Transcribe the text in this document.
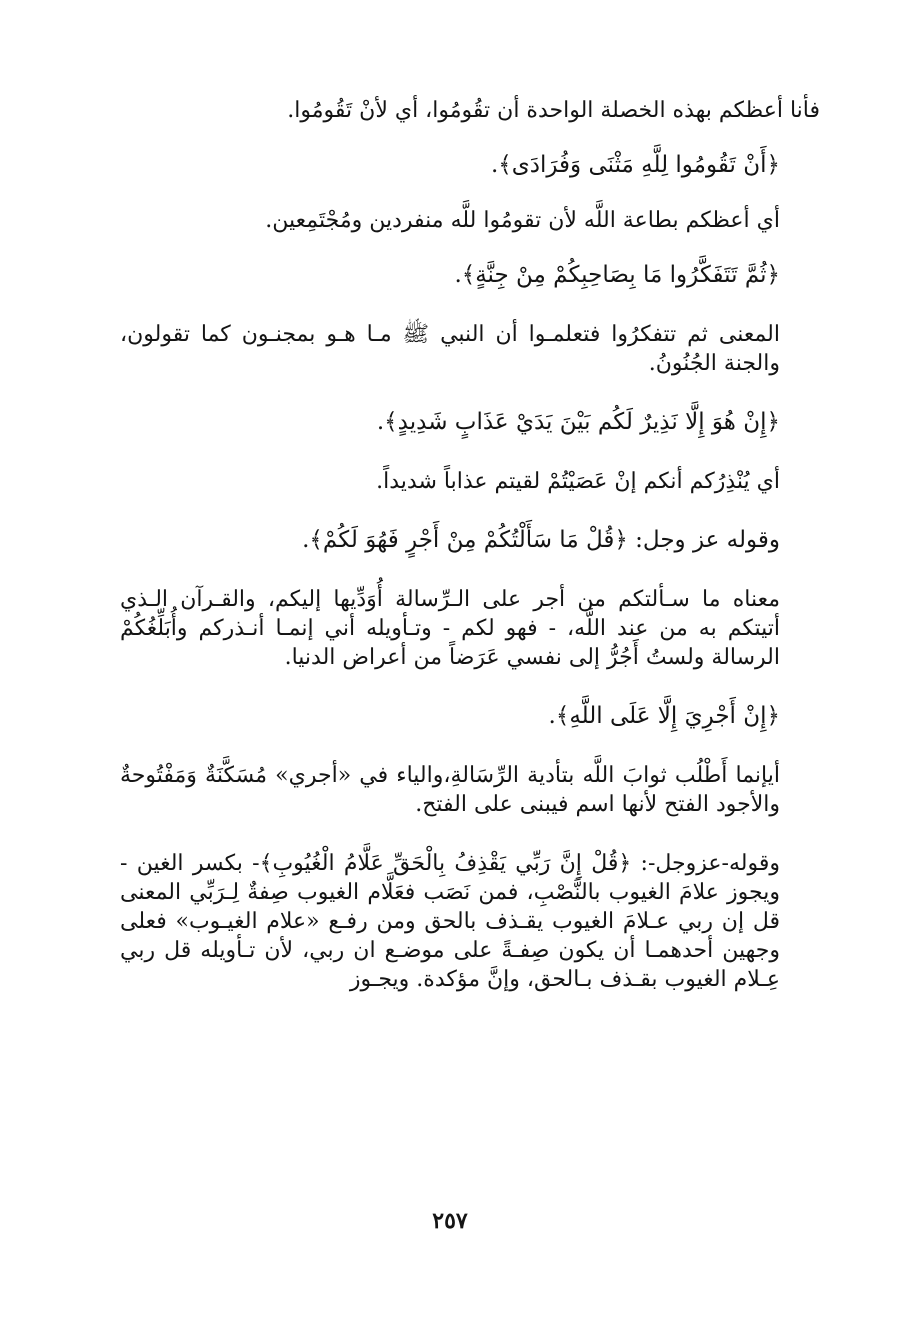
فأنا أعظكم بهذه الخصلة الواحدة أن تقُومُوا، أي لأنْ تَقُومُوا.

﴿أَنْ تَقُومُوا لِلَّهِ مَثْنَى وَفُرَادَى﴾.

أي أعظكم بطاعة اللَّه لأن تقومُوا للَّه منفردين ومُجْتَمِعين.

﴿ثُمَّ تَتَفَكَّرُوا مَا بِصَاحِبِكُمْ مِنْ جِنَّةٍ﴾.

المعنى ثم تتفكرُوا فتعلمـوا أن النبي ﷺ مـا هـو بمجنـون كما تقولون، والجنة الجُنُونُ.

﴿إِنْ هُوَ إِلَّا نَذِيرٌ لَكُم بَيْنَ يَدَيْ عَذَابٍ شَدِيدٍ﴾.

أي يُنْذِرُكم أنكم إنْ عَصَيْتُمْ لقيتم عذاباً شديداً.

وقوله عز وجل: ﴿قُلْ مَا سَأَلْتُكُمْ مِنْ أَجْرٍ فَهُوَ لَكُمْ﴾.

معناه ما سـألتكم من أجر على الـرِّسالة أُوَدِّيها إليكم، والقـرآن الـذي أتيتكم به من عند اللَّه، - فهو لكم - وتـأويله أني إنمـا أنـذركم وأُبَلِّغُكُمْ الرسالة ولستُ أَجُرُّ إلى نفسي عَرَضاً من أعراض الدنيا.

﴿إِنْ أَجْرِيَ إِلَّا عَلَى اللَّهِ﴾.

أيإنما أَطْلُب ثوابَ اللَّه بتأدية الرِّسَالةِ،والياء في «أجري» مُسَكَّنَةٌ وَمَفْتُوحةٌ والأجود الفتح لأنها اسم فيبنى على الفتح.

وقوله-عزوجل-: ﴿قُلْ إِنَّ رَبِّي يَقْذِفُ بِالْحَقِّ عَلَّامُ الْغُيُوبِ﴾- بكسر الغين - ويجوز علامَ الغيوب بالنَّصْبِ، فمن نَصَب فعَلَّام الغيوب صِفةٌ لِـرَبِّي المعنى قل إن ربي عـلامَ الغيوب يقـذف بالحق ومن رفـع «علام الغيـوب» فعلى وجهين أحدهمـا أن يكون صِفـةً على موضـع ان ربي، لأن تـأويله قل ربي عِـلام الغيوب بقـذف بـالحق، وإنَّ مؤكدة. ويجـوز

٢٥٧
